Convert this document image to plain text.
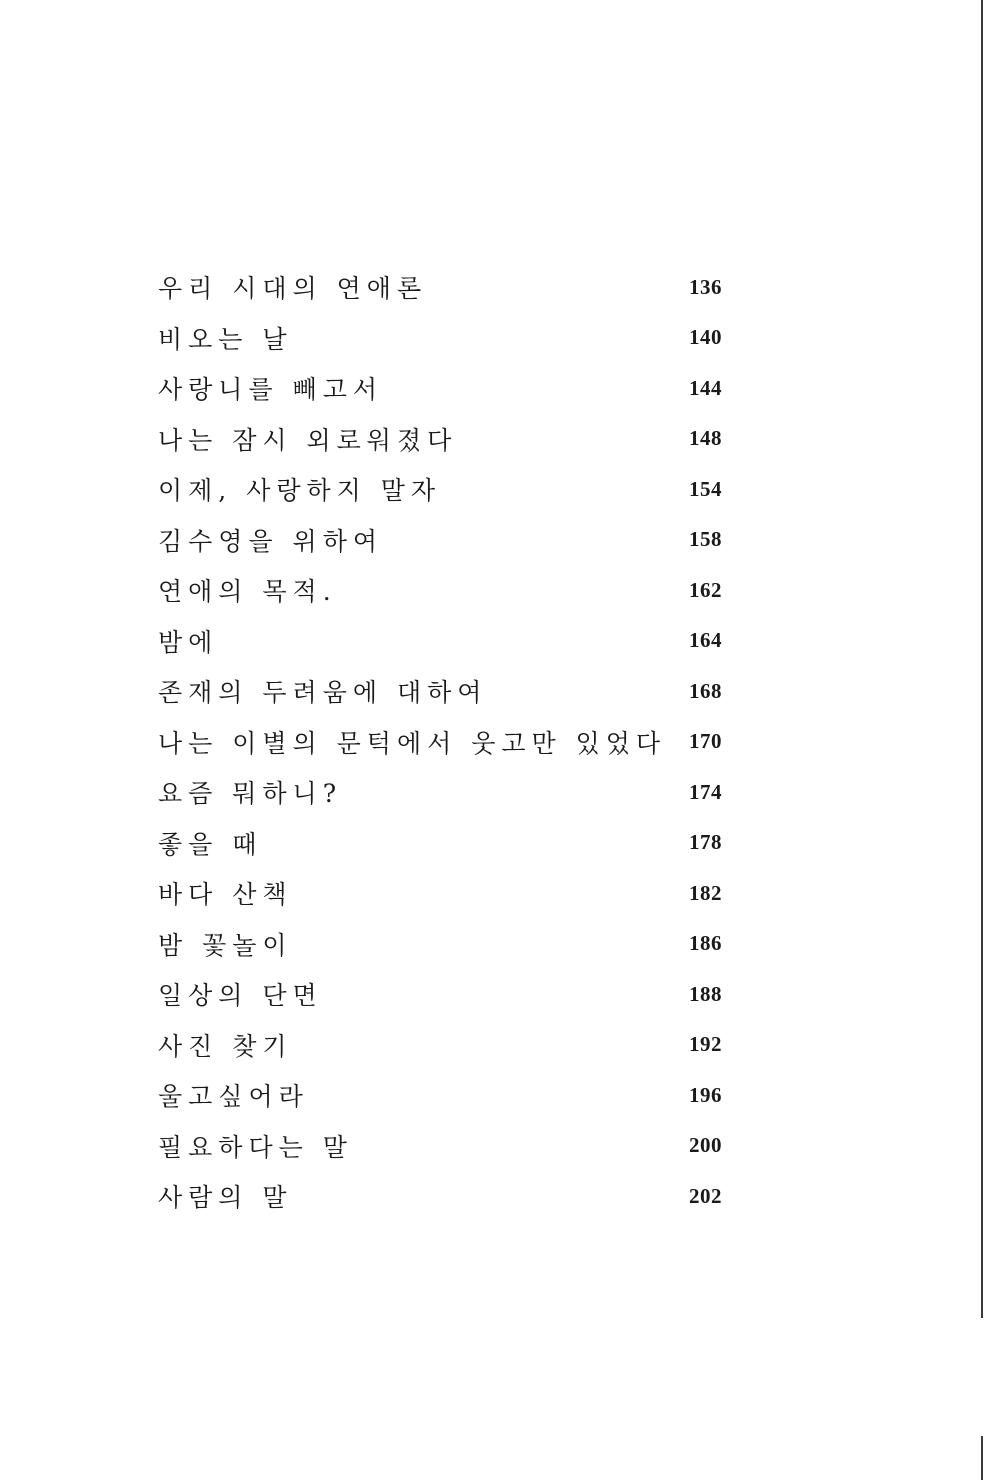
우리 시대의 연애론	136
비오는 날	140
사랑니를 빼고서	144
나는 잠시 외로워졌다	148
이제, 사랑하지 말자	154
김수영을 위하여	158
연애의 목적.	162
밤에	164
존재의 두려움에 대하여	168
나는 이별의 문턱에서 웃고만 있었다 170
요즘 뭐하니?	174
좋을 때	178
바다 산책	182
밤 꽃놀이	186
일상의 단면	188
사진 찾기	192
울고싶어라	196
필요하다는 말	200
사람의 말	202
